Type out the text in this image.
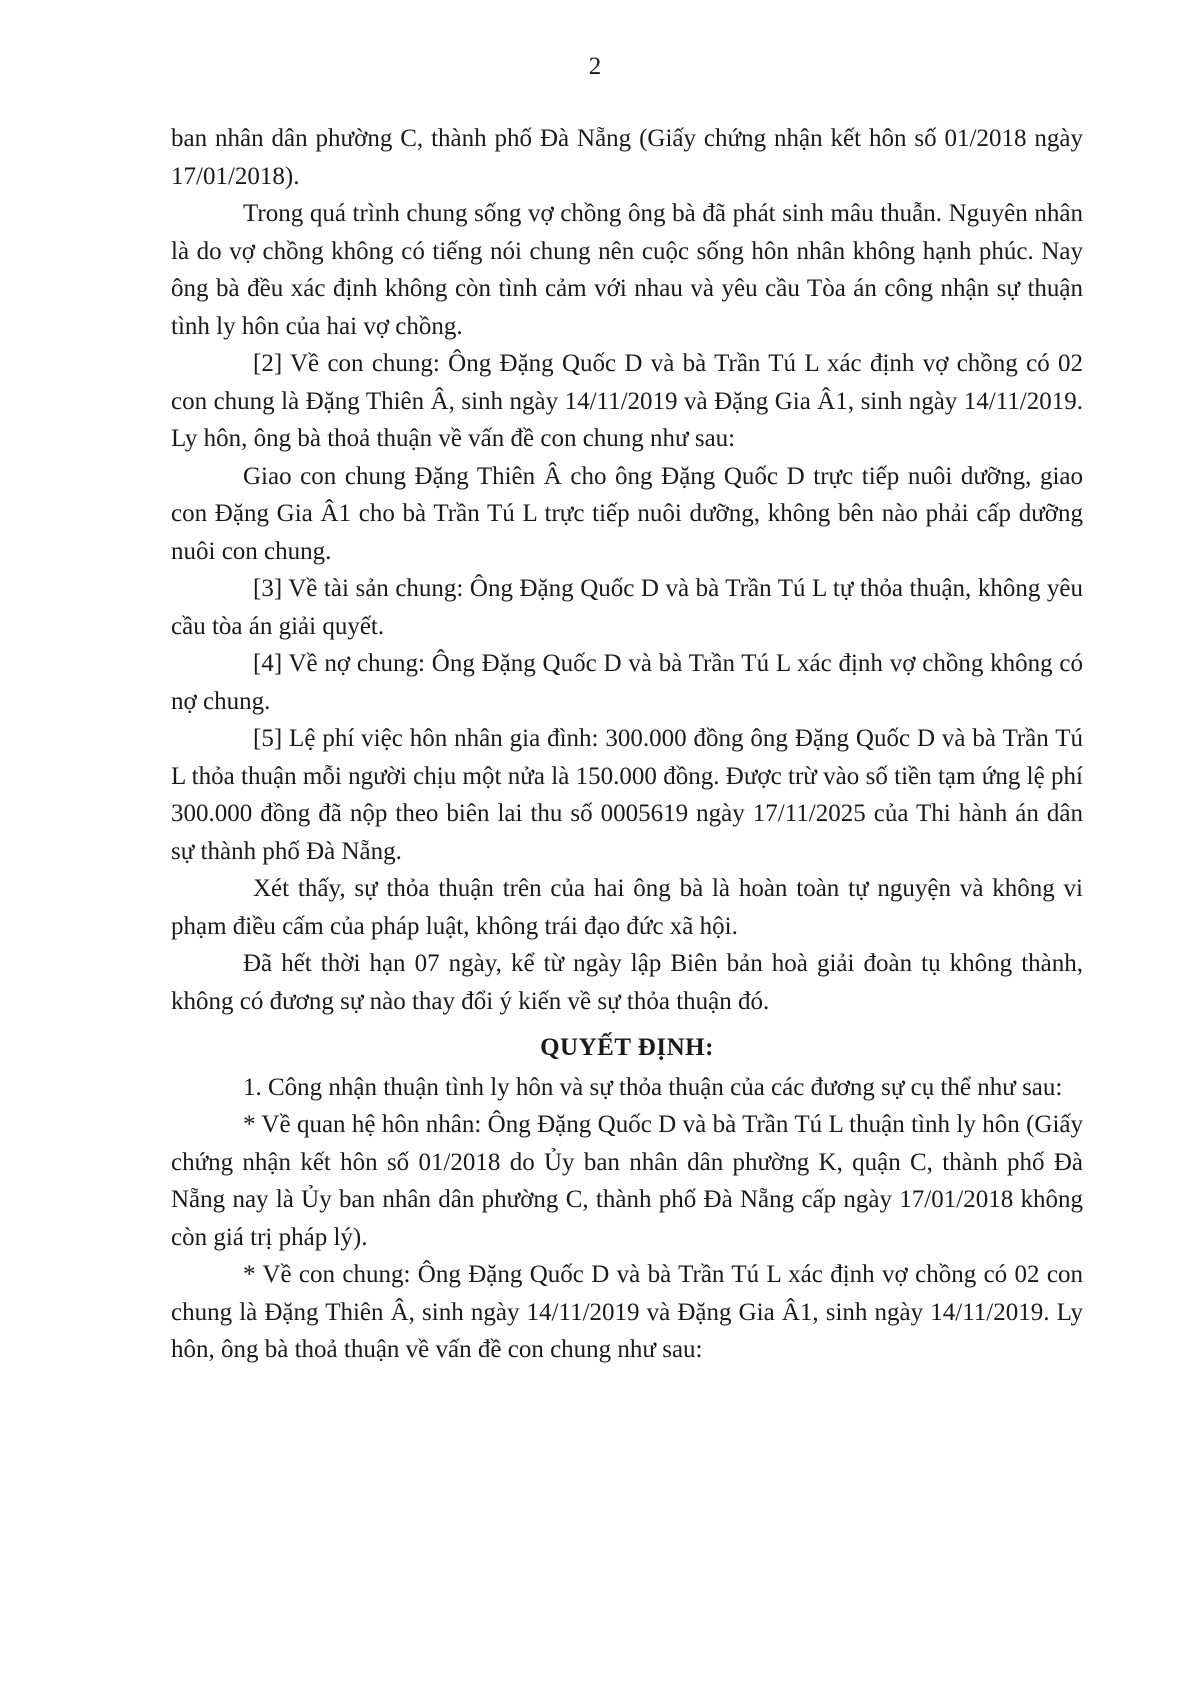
2

ban nhân dân phường C, thành phố Đà Nẵng (Giấy chứng nhận kết hôn số 01/2018 ngày 17/01/2018).

Trong quá trình chung sống vợ chồng ông bà đã phát sinh mâu thuẫn. Nguyên nhân là do vợ chồng không có tiếng nói chung nên cuộc sống hôn nhân không hạnh phúc. Nay ông bà đều xác định không còn tình cảm với nhau và yêu cầu Tòa án công nhận sự thuận tình ly hôn của hai vợ chồng.

[2] Về con chung: Ông Đặng Quốc D và bà Trần Tú L xác định vợ chồng có 02 con chung là Đặng Thiên Â, sinh ngày 14/11/2019 và Đặng Gia Â1, sinh ngày 14/11/2019. Ly hôn, ông bà thoả thuận về vấn đề con chung như sau:

Giao con chung Đặng Thiên Â cho ông Đặng Quốc D trực tiếp nuôi dưỡng, giao con Đặng Gia Â1 cho bà Trần Tú L trực tiếp nuôi dưỡng, không bên nào phải cấp dưỡng nuôi con chung.

[3] Về tài sản chung: Ông Đặng Quốc D và bà Trần Tú L tự thỏa thuận, không yêu cầu tòa án giải quyết.

[4] Về nợ chung: Ông Đặng Quốc D và bà Trần Tú L xác định vợ chồng không có nợ chung.

[5] Lệ phí việc hôn nhân gia đình: 300.000 đồng ông Đặng Quốc D và bà Trần Tú L thỏa thuận mỗi người chịu một nửa là 150.000 đồng. Được trừ vào số tiền tạm ứng lệ phí 300.000 đồng đã nộp theo biên lai thu số 0005619 ngày 17/11/2025 của Thi hành án dân sự thành phố Đà Nẵng.

Xét thấy, sự thỏa thuận trên của hai ông bà là hoàn toàn tự nguyện và không vi phạm điều cấm của pháp luật, không trái đạo đức xã hội.

Đã hết thời hạn 07 ngày, kể từ ngày lập Biên bản hoà giải đoàn tụ không thành, không có đương sự nào thay đổi ý kiến về sự thỏa thuận đó.

QUYẾT ĐỊNH:

1. Công nhận thuận tình ly hôn và sự thỏa thuận của các đương sự cụ thể như sau:

* Về quan hệ hôn nhân: Ông Đặng Quốc D và bà Trần Tú L thuận tình ly hôn (Giấy chứng nhận kết hôn số 01/2018 do Ủy ban nhân dân phường K, quận C, thành phố Đà Nẵng nay là Ủy ban nhân dân phường C, thành phố Đà Nẵng cấp ngày 17/01/2018 không còn giá trị pháp lý).

* Về con chung: Ông Đặng Quốc D và bà Trần Tú L xác định vợ chồng có 02 con chung là Đặng Thiên Â, sinh ngày 14/11/2019 và Đặng Gia Â1, sinh ngày 14/11/2019. Ly hôn, ông bà thoả thuận về vấn đề con chung như sau:
